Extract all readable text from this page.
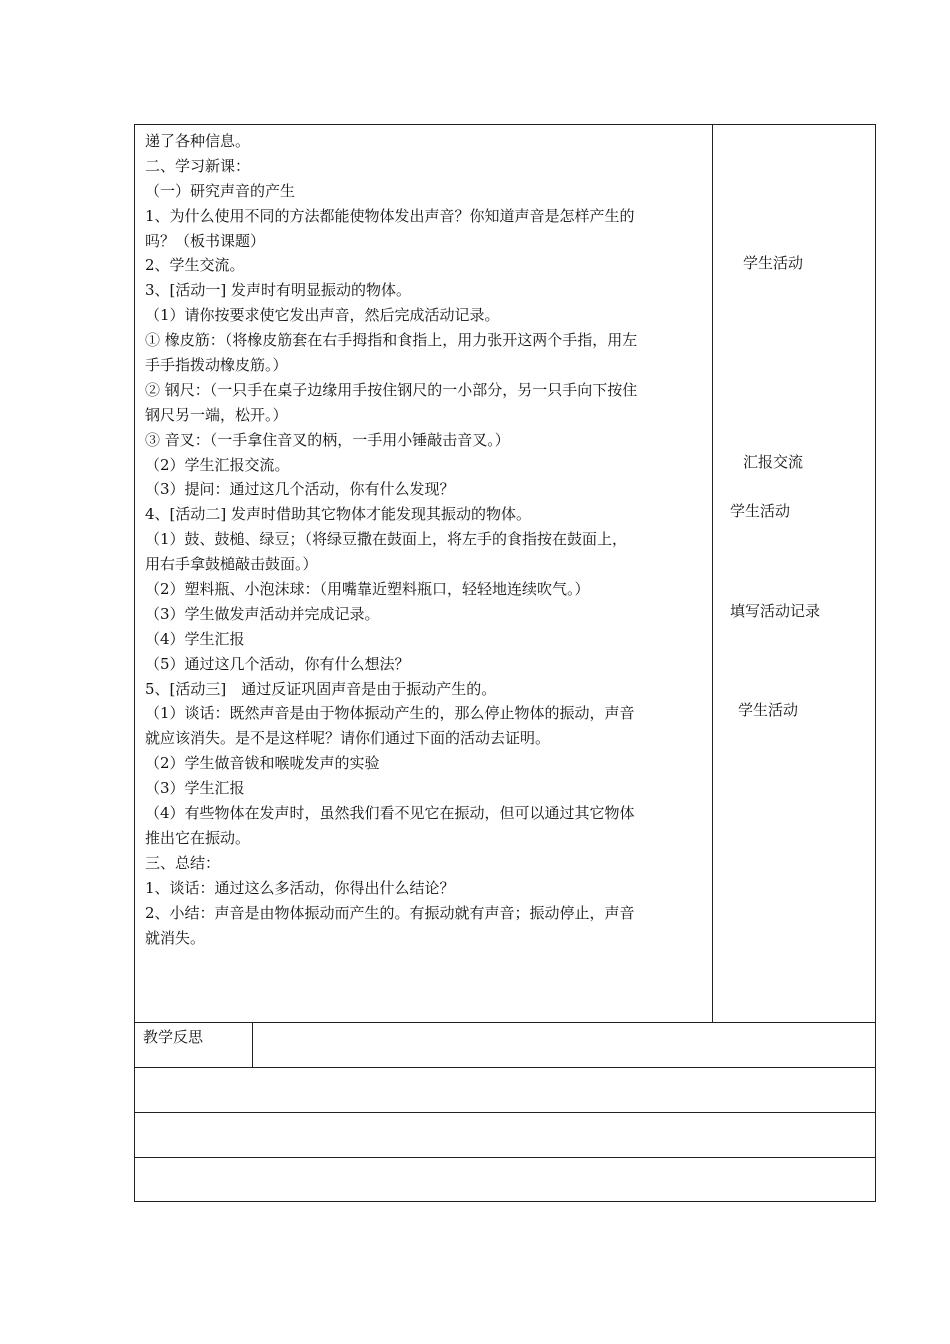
递了各种信息。
二、学习新课：
（一）研究声音的产生
1、为什么使用不同的方法都能使物体发出声音？你知道声音是怎样产生的
吗？（板书课题）
2、学生交流。
3、[活动一] 发声时有明显振动的物体。
（1）请你按要求使它发出声音，然后完成活动记录。
① 橡皮筋：（将橡皮筋套在右手拇指和食指上，用力张开这两个手指，用左
手手指拨动橡皮筋。）
② 钢尺：（一只手在桌子边缘用手按住钢尺的一小部分，另一只手向下按住
钢尺另一端，松开。）
③ 音叉：（一手拿住音叉的柄，一手用小锤敲击音叉。）
（2）学生汇报交流。
（3）提问：通过这几个活动，你有什么发现？
4、[活动二] 发声时借助其它物体才能发现其振动的物体。
（1）鼓、鼓槌、绿豆；（将绿豆撒在鼓面上，将左手的食指按在鼓面上，
用右手拿鼓槌敲击鼓面。）
（2）塑料瓶、小泡沫球：（用嘴靠近塑料瓶口，轻轻地连续吹气。）
（3）学生做发声活动并完成记录。
（4）学生汇报
（5）通过这几个活动，你有什么想法？
5、[活动三]　通过反证巩固声音是由于振动产生的。
（1）谈话：既然声音是由于物体振动产生的，那么停止物体的振动，声音
就应该消失。是不是这样呢？请你们通过下面的活动去证明。
（2）学生做音钹和喉咙发声的实验
（3）学生汇报
（4）有些物体在发声时，虽然我们看不见它在振动，但可以通过其它物体
推出它在振动。
三、总结：
1、谈话：通过这么多活动，你得出什么结论？
2、小结：声音是由物体振动而产生的。有振动就有声音；振动停止，声音
就消失。
学生活动
汇报交流
学生活动
填写活动记录
学生活动
教学反思
